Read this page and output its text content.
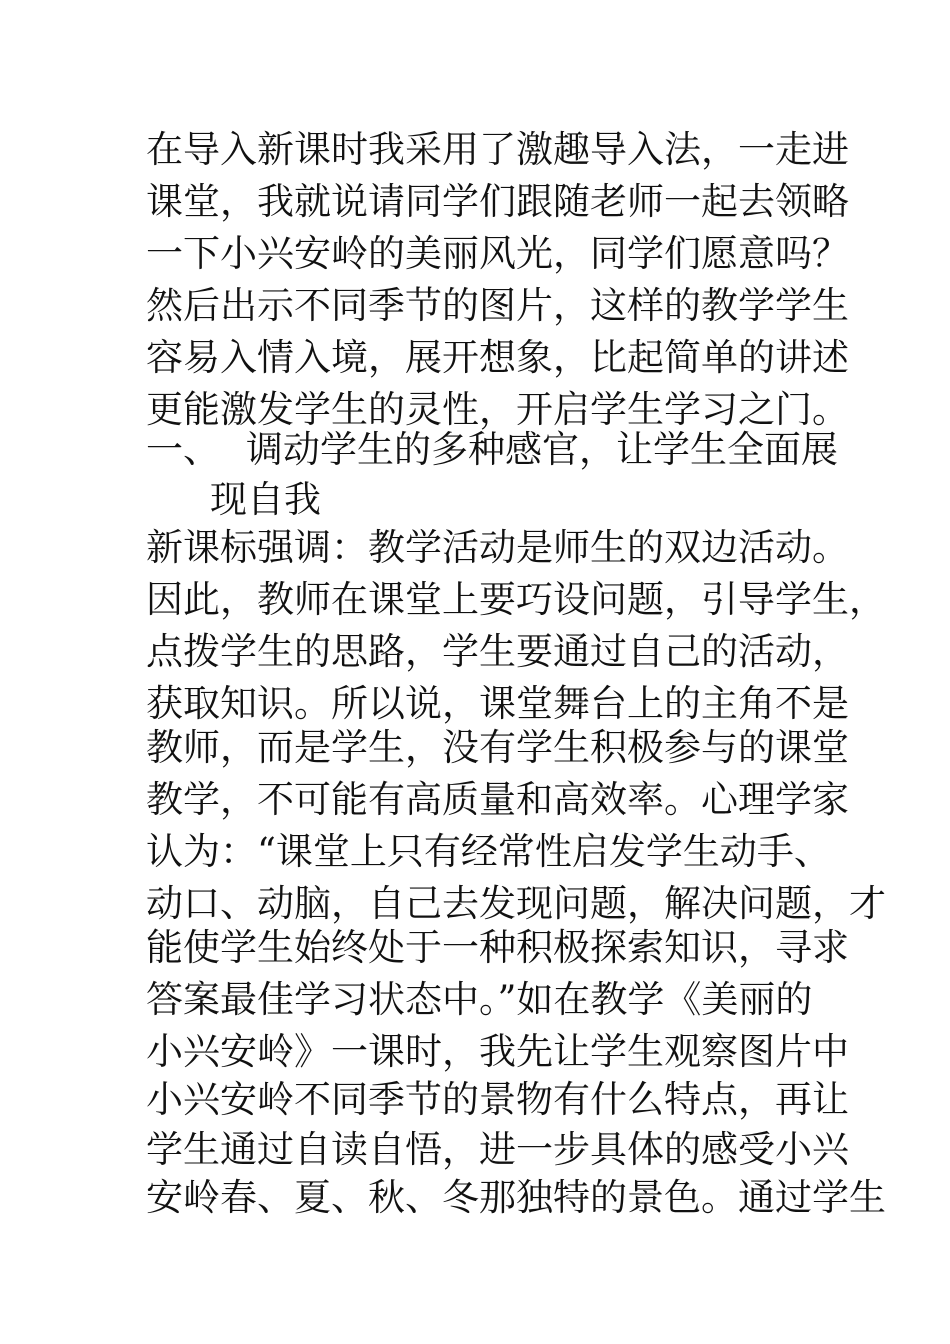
在导入新课时我采用了激趣导入法，一走进
课堂，我就说请同学们跟随老师一起去领略
一下小兴安岭的美丽风光，同学们愿意吗？
然后出示不同季节的图片，这样的教学学生
容易入情入境，展开想象，比起简单的讲述
更能激发学生的灵性，开启学生学习之门。
一、 调动学生的多种感官，让学生全面展
现自我
新课标强调：教学活动是师生的双边活动。
因此，教师在课堂上要巧设问题，引导学生，
点拨学生的思路，学生要通过自己的活动，
获取知识。所以说，课堂舞台上的主角不是
教师，而是学生，没有学生积极参与的课堂
教学，不可能有高质量和高效率。心理学家
认为：“课堂上只有经常性启发学生动手、
动口、动脑，自己去发现问题，解决问题，才
能使学生始终处于一种积极探索知识，寻求
答案最佳学习状态中。”如在教学《美丽的
小兴安岭》一课时，我先让学生观察图片中
小兴安岭不同季节的景物有什么特点，再让
学生通过自读自悟，进一步具体的感受小兴
安岭春、夏、秋、冬那独特的景色。通过学生
